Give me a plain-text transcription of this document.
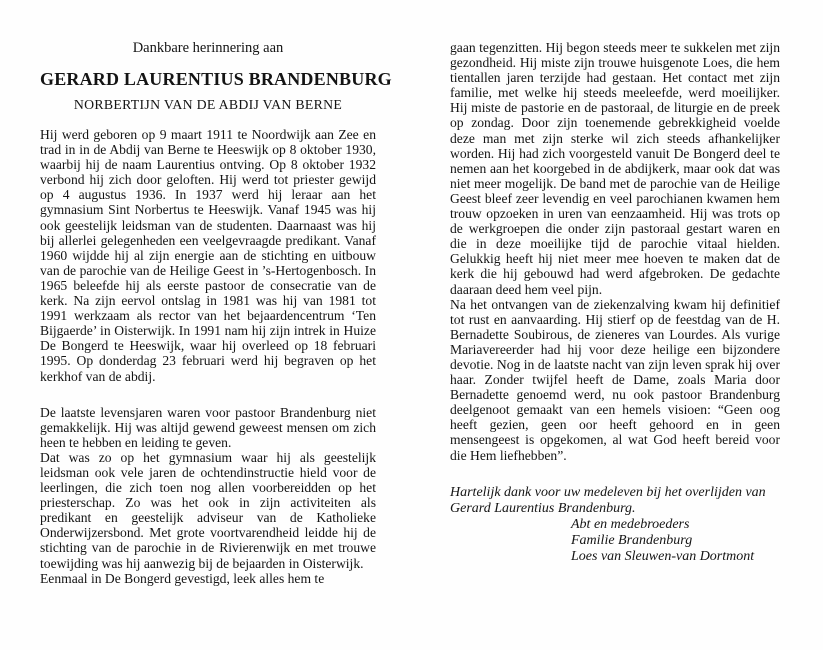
Dankbare herinnering aan
GERARD LAURENTIUS BRANDENBURG
NORBERTIJN VAN DE ABDIJ VAN BERNE

Hij werd geboren op 9 maart 1911 te Noordwijk aan Zee en trad in in de Abdij van Berne te Heeswijk op 8 oktober 1930, waarbij hij de naam Laurentius ontving. Op 8 oktober 1932 verbond hij zich door geloften. Hij werd tot priester gewijd op 4 augustus 1936. In 1937 werd hij leraar aan het gymnasium Sint Norbertus te Heeswijk. Vanaf 1945 was hij ook geestelijk leidsman van de studenten. Daarnaast was hij bij allerlei gelegenheden een veelgevraagde predikant. Vanaf 1960 wijdde hij al zijn energie aan de stichting en uitbouw van de parochie van de Heilige Geest in ’s-Hertogenbosch. In 1965 beleefde hij als eerste pastoor de consecratie van de kerk. Na zijn eervol ontslag in 1981 was hij van 1981 tot 1991 werkzaam als rector van het bejaardencentrum ‘Ten Bijgaerde’ in Oisterwijk. In 1991 nam hij zijn intrek in Huize De Bongerd te Heeswijk, waar hij overleed op 18 februari 1995. Op donderdag 23 februari werd hij begraven op het kerkhof van de abdij.

De laatste levensjaren waren voor pastoor Brandenburg niet gemakkelijk. Hij was altijd gewend geweest mensen om zich heen te hebben en leiding te geven.

Dat was zo op het gymnasium waar hij als geestelijk leidsman ook vele jaren de ochtendinstructie hield voor de leerlingen, die zich toen nog allen voorbereidden op het priesterschap. Zo was het ook in zijn activiteiten als predikant en geestelijk adviseur van de Katholieke Onderwijzersbond. Met grote voortvarendheid leidde hij de stichting van de parochie in de Rivierenwijk en met trouwe toewijding was hij aanwezig bij de bejaarden in Oisterwijk.

Eenmaal in De Bongerd gevestigd, leek alles hem te

gaan tegenzitten. Hij begon steeds meer te sukkelen met zijn gezondheid. Hij miste zijn trouwe huisgenote Loes, die hem tientallen jaren terzijde had gestaan. Het contact met zijn familie, met welke hij steeds meeleefde, werd moeilijker. Hij miste de pastorie en de pastoraal, de liturgie en de preek op zondag. Door zijn toenemende gebrekkigheid voelde deze man met zijn sterke wil zich steeds afhankelijker worden. Hij had zich voorgesteld vanuit De Bongerd deel te nemen aan het koorgebed in de abdijkerk, maar ook dat was niet meer mogelijk. De band met de parochie van de Heilige Geest bleef zeer levendig en veel parochianen kwamen hem trouw opzoeken in uren van eenzaamheid. Hij was trots op de werkgroepen die onder zijn pastoraal gestart waren en die in deze moeilijke tijd de parochie vitaal hielden. Gelukkig heeft hij niet meer mee hoeven te maken dat de kerk die hij gebouwd had werd afgebroken. De gedachte daaraan deed hem veel pijn.

Na het ontvangen van de ziekenzalving kwam hij definitief tot rust en aanvaarding. Hij stierf op de feestdag van de H. Bernadette Soubirous, de zieneres van Lourdes. Als vurige Mariavereerder had hij voor deze heilige een bijzondere devotie. Nog in de laatste nacht van zijn leven sprak hij over haar. Zonder twijfel heeft de Dame, zoals Maria door Bernadette genoemd werd, nu ook pastoor Brandenburg deelgenoot gemaakt van een hemels visioen: “Geen oog heeft gezien, geen oor heeft gehoord en in geen mensengeest is opgekomen, al wat God heeft bereid voor die Hem liefhebben”.

Hartelijk dank voor uw medeleven bij het overlijden van Gerard Laurentius Brandenburg.

Abt en medebroeders
Familie Brandenburg
Loes van Sleuwen-van Dortmont
